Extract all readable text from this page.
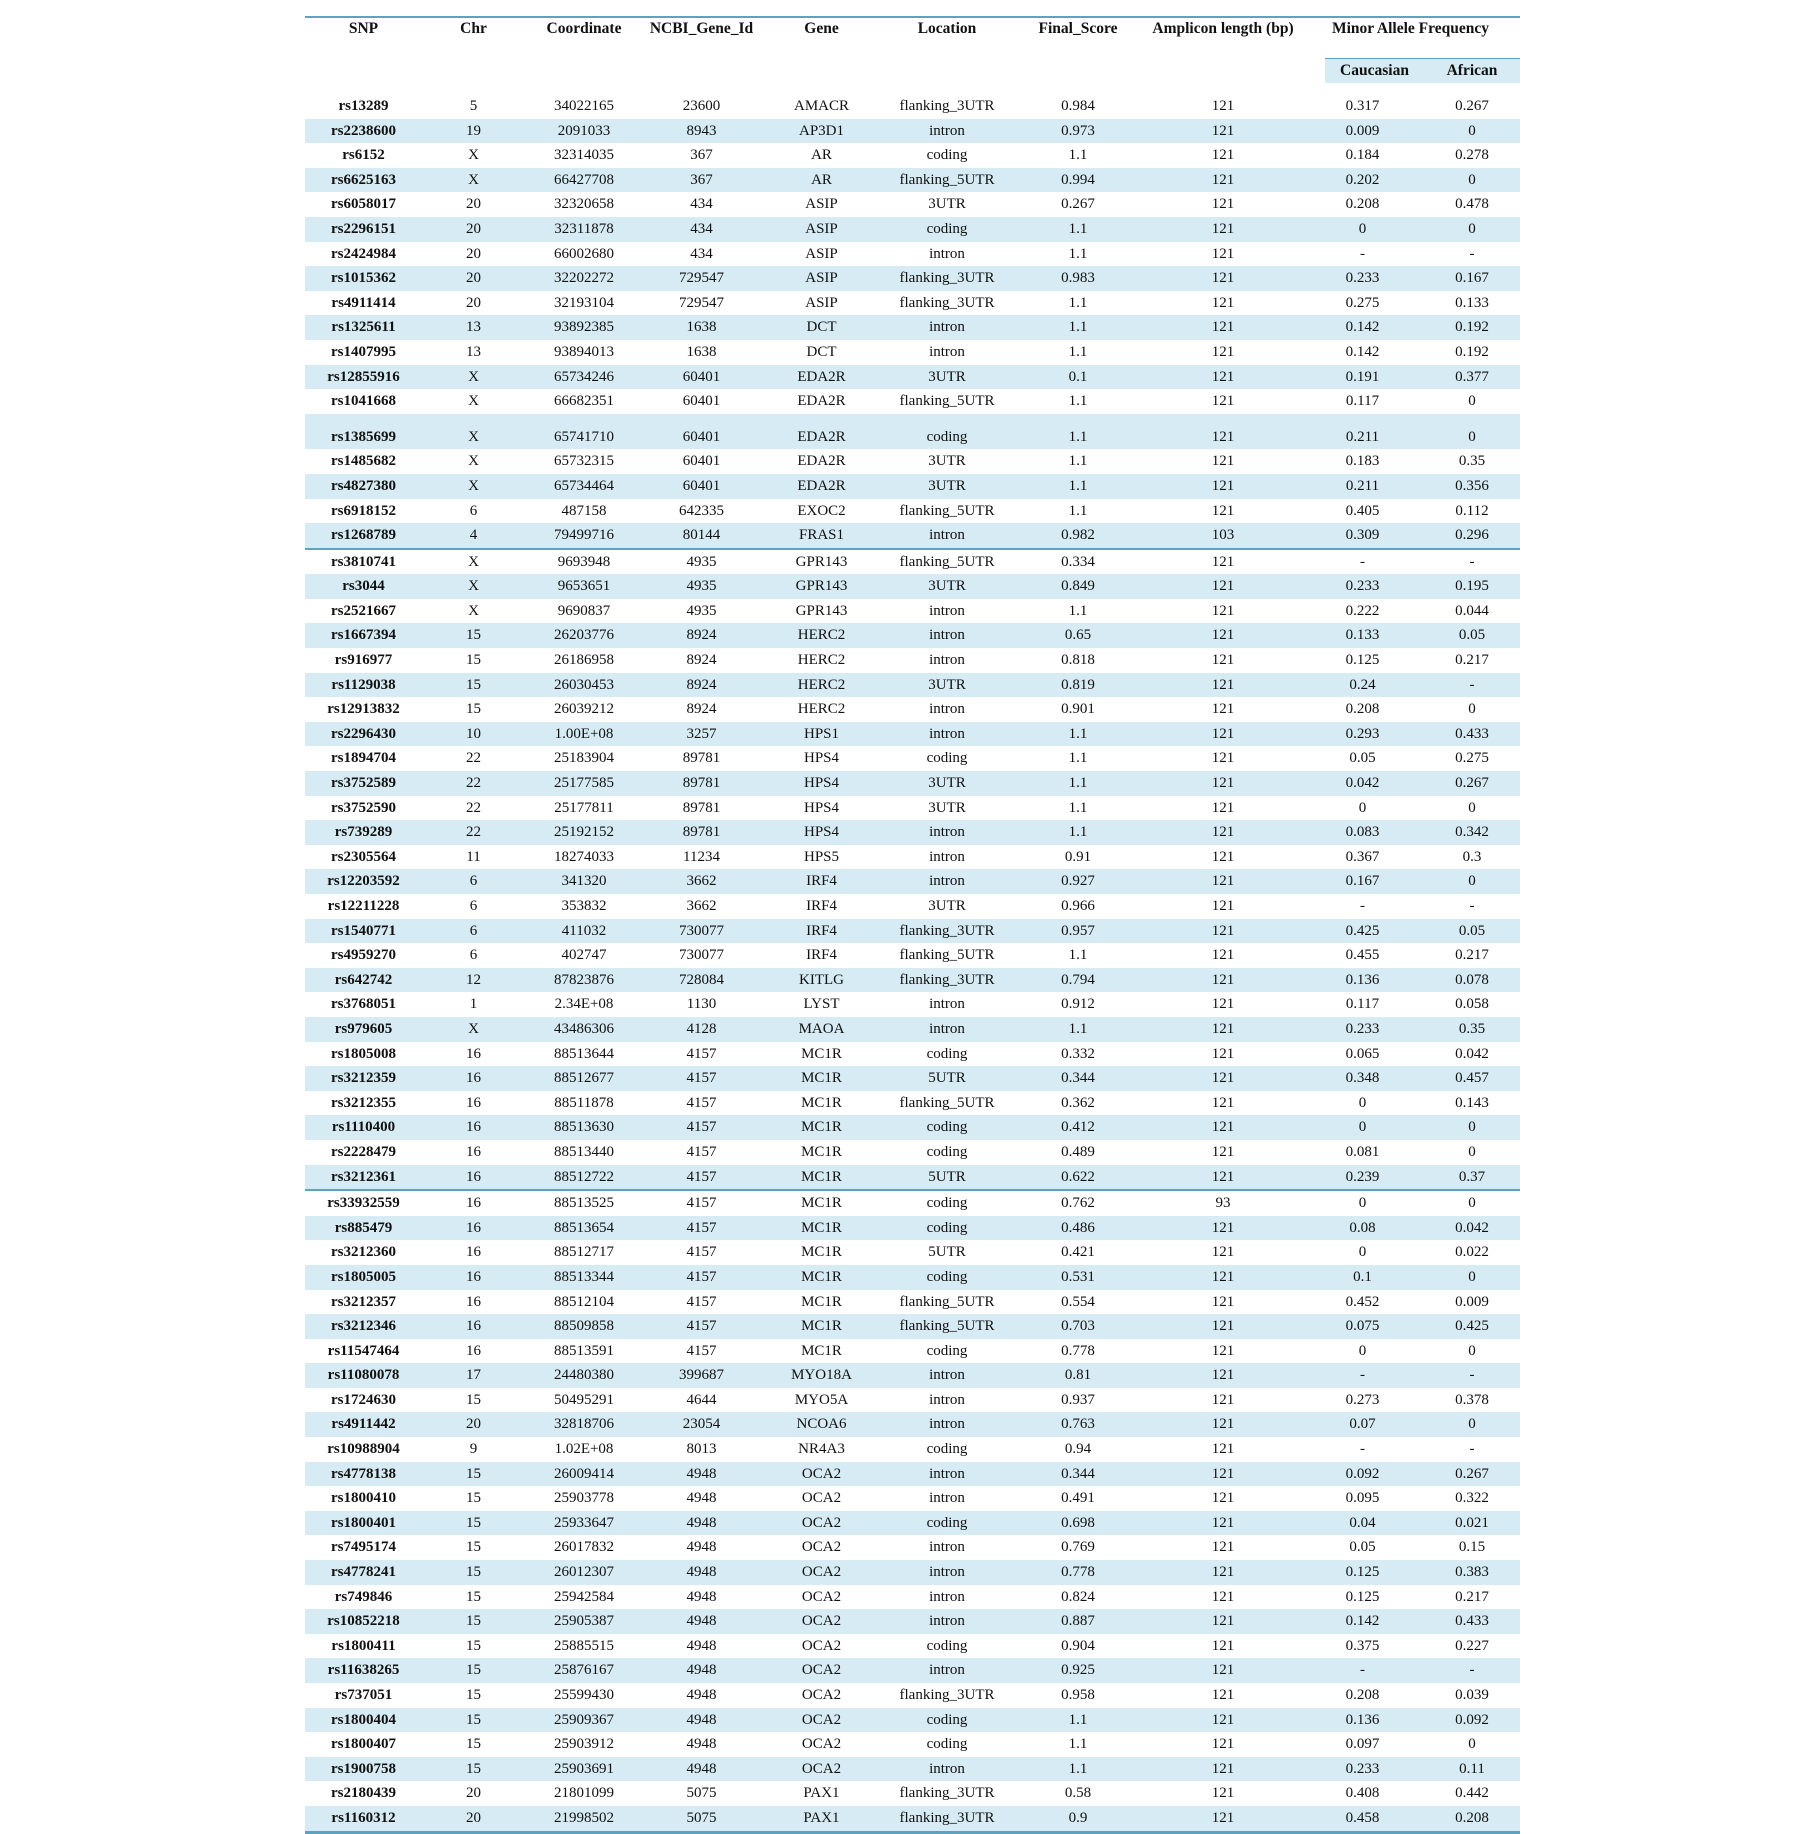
SNP	Chr	Coordinate	NCBI_Gene_Id	Gene	Location	Final_Score	Amplicon length (bp)	Minor Allele Frequency
Caucasian	African
rs13289	5	34022165	23600	AMACR	flanking_3UTR	0.984	121	0.317	0.267
rs2238600	19	2091033	8943	AP3D1	intron	0.973	121	0.009	0
rs6152	X	32314035	367	AR	coding	1.1	121	0.184	0.278
rs6625163	X	66427708	367	AR	flanking_5UTR	0.994	121	0.202	0
rs6058017	20	32320658	434	ASIP	3UTR	0.267	121	0.208	0.478
rs2296151	20	32311878	434	ASIP	coding	1.1	121	0	0
rs2424984	20	66002680	434	ASIP	intron	1.1	121	-	-
rs1015362	20	32202272	729547	ASIP	flanking_3UTR	0.983	121	0.233	0.167
rs4911414	20	32193104	729547	ASIP	flanking_3UTR	1.1	121	0.275	0.133
rs1325611	13	93892385	1638	DCT	intron	1.1	121	0.142	0.192
rs1407995	13	93894013	1638	DCT	intron	1.1	121	0.142	0.192
rs12855916	X	65734246	60401	EDA2R	3UTR	0.1	121	0.191	0.377
rs1041668	X	66682351	60401	EDA2R	flanking_5UTR	1.1	121	0.117	0
rs1385699	X	65741710	60401	EDA2R	coding	1.1	121	0.211	0
rs1485682	X	65732315	60401	EDA2R	3UTR	1.1	121	0.183	0.35
rs4827380	X	65734464	60401	EDA2R	3UTR	1.1	121	0.211	0.356
rs6918152	6	487158	642335	EXOC2	flanking_5UTR	1.1	121	0.405	0.112
rs1268789	4	79499716	80144	FRAS1	intron	0.982	103	0.309	0.296
rs3810741	X	9693948	4935	GPR143	flanking_5UTR	0.334	121	-	-
rs3044	X	9653651	4935	GPR143	3UTR	0.849	121	0.233	0.195
rs2521667	X	9690837	4935	GPR143	intron	1.1	121	0.222	0.044
rs1667394	15	26203776	8924	HERC2	intron	0.65	121	0.133	0.05
rs916977	15	26186958	8924	HERC2	intron	0.818	121	0.125	0.217
rs1129038	15	26030453	8924	HERC2	3UTR	0.819	121	0.24	-
rs12913832	15	26039212	8924	HERC2	intron	0.901	121	0.208	0
rs2296430	10	1.00E+08	3257	HPS1	intron	1.1	121	0.293	0.433
rs1894704	22	25183904	89781	HPS4	coding	1.1	121	0.05	0.275
rs3752589	22	25177585	89781	HPS4	3UTR	1.1	121	0.042	0.267
rs3752590	22	25177811	89781	HPS4	3UTR	1.1	121	0	0
rs739289	22	25192152	89781	HPS4	intron	1.1	121	0.083	0.342
rs2305564	11	18274033	11234	HPS5	intron	0.91	121	0.367	0.3
rs12203592	6	341320	3662	IRF4	intron	0.927	121	0.167	0
rs12211228	6	353832	3662	IRF4	3UTR	0.966	121	-	-
rs1540771	6	411032	730077	IRF4	flanking_3UTR	0.957	121	0.425	0.05
rs4959270	6	402747	730077	IRF4	flanking_5UTR	1.1	121	0.455	0.217
rs642742	12	87823876	728084	KITLG	flanking_3UTR	0.794	121	0.136	0.078
rs3768051	1	2.34E+08	1130	LYST	intron	0.912	121	0.117	0.058
rs979605	X	43486306	4128	MAOA	intron	1.1	121	0.233	0.35
rs1805008	16	88513644	4157	MC1R	coding	0.332	121	0.065	0.042
rs3212359	16	88512677	4157	MC1R	5UTR	0.344	121	0.348	0.457
rs3212355	16	88511878	4157	MC1R	flanking_5UTR	0.362	121	0	0.143
rs1110400	16	88513630	4157	MC1R	coding	0.412	121	0	0
rs2228479	16	88513440	4157	MC1R	coding	0.489	121	0.081	0
rs3212361	16	88512722	4157	MC1R	5UTR	0.622	121	0.239	0.37
rs33932559	16	88513525	4157	MC1R	coding	0.762	93	0	0
rs885479	16	88513654	4157	MC1R	coding	0.486	121	0.08	0.042
rs3212360	16	88512717	4157	MC1R	5UTR	0.421	121	0	0.022
rs1805005	16	88513344	4157	MC1R	coding	0.531	121	0.1	0
rs3212357	16	88512104	4157	MC1R	flanking_5UTR	0.554	121	0.452	0.009
rs3212346	16	88509858	4157	MC1R	flanking_5UTR	0.703	121	0.075	0.425
rs11547464	16	88513591	4157	MC1R	coding	0.778	121	0	0
rs11080078	17	24480380	399687	MYO18A	intron	0.81	121	-	-
rs1724630	15	50495291	4644	MYO5A	intron	0.937	121	0.273	0.378
rs4911442	20	32818706	23054	NCOA6	intron	0.763	121	0.07	0
rs10988904	9	1.02E+08	8013	NR4A3	coding	0.94	121	-	-
rs4778138	15	26009414	4948	OCA2	intron	0.344	121	0.092	0.267
rs1800410	15	25903778	4948	OCA2	intron	0.491	121	0.095	0.322
rs1800401	15	25933647	4948	OCA2	coding	0.698	121	0.04	0.021
rs7495174	15	26017832	4948	OCA2	intron	0.769	121	0.05	0.15
rs4778241	15	26012307	4948	OCA2	intron	0.778	121	0.125	0.383
rs749846	15	25942584	4948	OCA2	intron	0.824	121	0.125	0.217
rs10852218	15	25905387	4948	OCA2	intron	0.887	121	0.142	0.433
rs1800411	15	25885515	4948	OCA2	coding	0.904	121	0.375	0.227
rs11638265	15	25876167	4948	OCA2	intron	0.925	121	-	-
rs737051	15	25599430	4948	OCA2	flanking_3UTR	0.958	121	0.208	0.039
rs1800404	15	25909367	4948	OCA2	coding	1.1	121	0.136	0.092
rs1800407	15	25903912	4948	OCA2	coding	1.1	121	0.097	0
rs1900758	15	25903691	4948	OCA2	intron	1.1	121	0.233	0.11
rs2180439	20	21801099	5075	PAX1	flanking_3UTR	0.58	121	0.408	0.442
rs1160312	20	21998502	5075	PAX1	flanking_3UTR	0.9	121	0.458	0.208
